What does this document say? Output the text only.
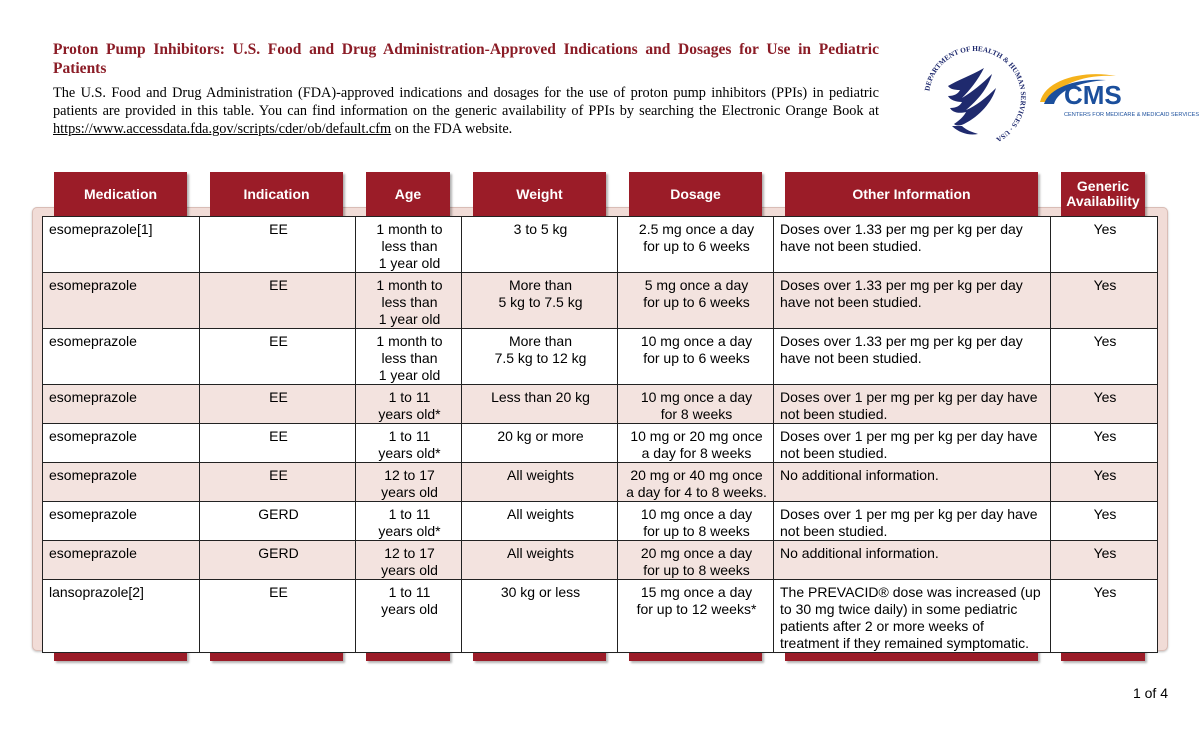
Proton Pump Inhibitors: U.S. Food and Drug Administration-Approved Indications and Dosages for Use in Pediatric Patients
The U.S. Food and Drug Administration (FDA)-approved indications and dosages for the use of proton pump inhibitors (PPIs) in pediatric patients are provided in this table. You can find information on the generic availability of PPIs by searching the Electronic Orange Book at https://www.accessdata.fda.gov/scripts/cder/ob/default.cfm on the FDA website.
DEPARTMENT OF HEALTH & HUMAN SERVICES · USA
CMS
CENTERS FOR MEDICARE & MEDICAID SERVICES
Medication	Indication	Age	Weight	Dosage	Other Information	Generic Availability
esomeprazole[1]	EE	1 month to
less than
1 year old	3 to 5 kg	2.5 mg once a day
for up to 6 weeks	Doses over 1.33 per mg per kg per day have not been studied.	Yes
esomeprazole	EE	1 month to
less than
1 year old	More than
5 kg to 7.5 kg	5 mg once a day
for up to 6 weeks	Doses over 1.33 per mg per kg per day have not been studied.	Yes
esomeprazole	EE	1 month to
less than
1 year old	More than
7.5 kg to 12 kg	10 mg once a day
for up to 6 weeks	Doses over 1.33 per mg per kg per day have not been studied.	Yes
esomeprazole	EE	1 to 11
years old*	Less than 20 kg	10 mg once a day
for 8 weeks	Doses over 1 per mg per kg per day have not been studied.	Yes
esomeprazole	EE	1 to 11
years old*	20 kg or more	10 mg or 20 mg once
a day for 8 weeks	Doses over 1 per mg per kg per day have not been studied.	Yes
esomeprazole	EE	12 to 17
years old	All weights	20 mg or 40 mg once
a day for 4 to 8 weeks.	No additional information.	Yes
esomeprazole	GERD	1 to 11
years old*	All weights	10 mg once a day
for up to 8 weeks	Doses over 1 per mg per kg per day have not been studied.	Yes
esomeprazole	GERD	12 to 17
years old	All weights	20 mg once a day
for up to 8 weeks	No additional information.	Yes
lansoprazole[2]	EE	1 to 11
years old	30 kg or less	15 mg once a day
for up to 12 weeks*	The PREVACID® dose was increased (up to 30 mg twice daily) in some pediatric patients after 2 or more weeks of treatment if they remained symptomatic.	Yes
1 of 4
